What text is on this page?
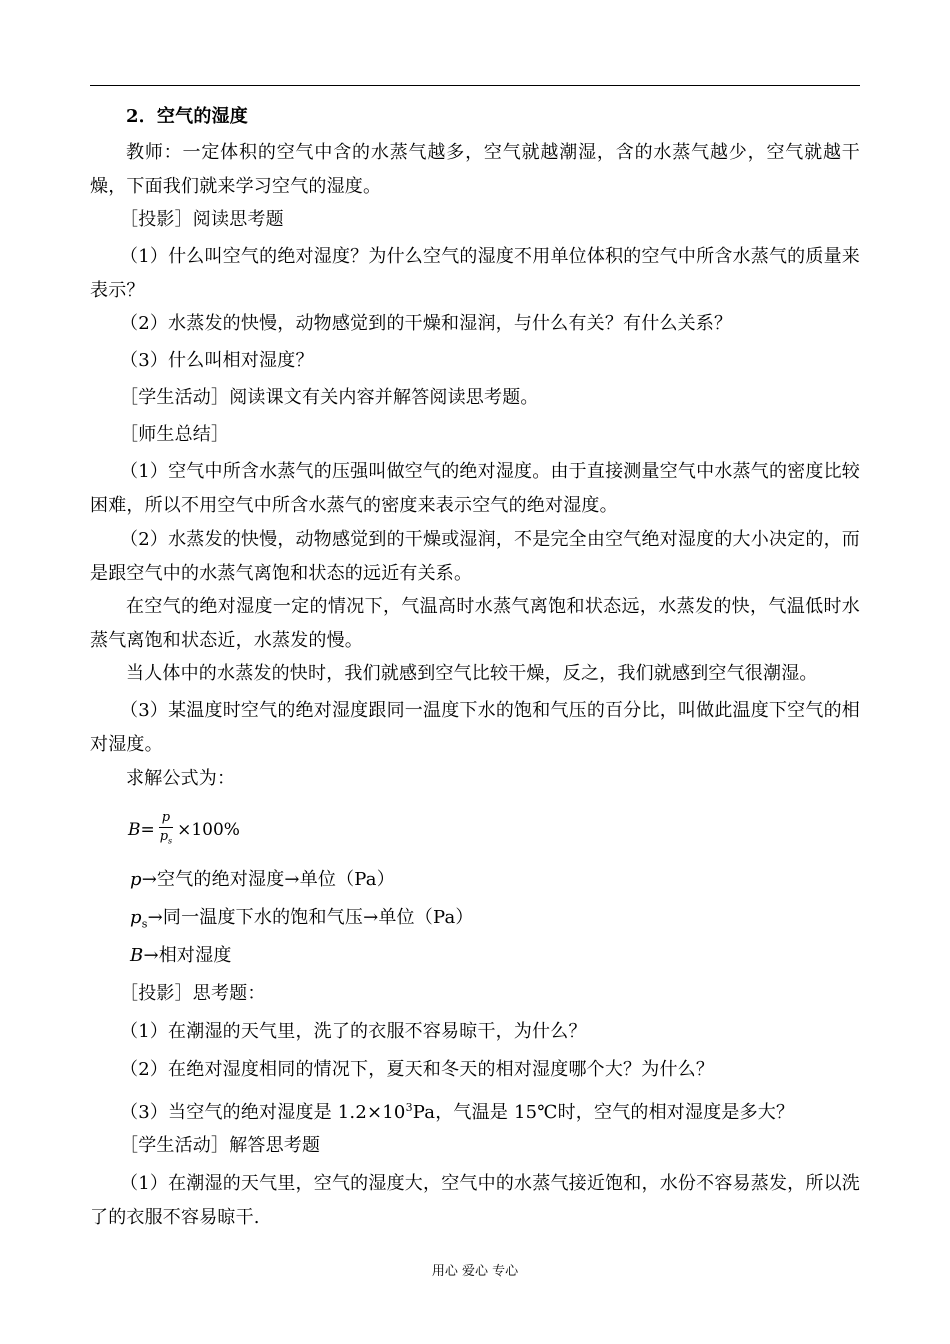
2．空气的湿度

教师：一定体积的空气中含的水蒸气越多，空气就越潮湿，含的水蒸气越少，空气就越干燥，下面我们就来学习空气的湿度。

［投影］阅读思考题

（1）什么叫空气的绝对湿度？为什么空气的湿度不用单位体积的空气中所含水蒸气的质量来表示？

（2）水蒸发的快慢，动物感觉到的干燥和湿润，与什么有关？有什么关系？

（3）什么叫相对湿度？

［学生活动］阅读课文有关内容并解答阅读思考题。

［师生总结］

（1）空气中所含水蒸气的压强叫做空气的绝对湿度。由于直接测量空气中水蒸气的密度比较困难，所以不用空气中所含水蒸气的密度来表示空气的绝对湿度。

（2）水蒸发的快慢，动物感觉到的干燥或湿润，不是完全由空气绝对湿度的大小决定的，而是跟空气中的水蒸气离饱和状态的远近有关系。

在空气的绝对湿度一定的情况下，气温高时水蒸气离饱和状态远，水蒸发的快，气温低时水蒸气离饱和状态近，水蒸发的慢。

当人体中的水蒸发的快时，我们就感到空气比较干燥，反之，我们就感到空气很潮湿。

（3）某温度时空气的绝对湿度跟同一温度下水的饱和气压的百分比，叫做此温度下空气的相对湿度。

求解公式为：

$B= \frac{p}{p_s} \times 100\%$

p→空气的绝对湿度→单位（Pa）

$p_s\to$同一温度下水的饱和气压→单位（Pa）

B→相对湿度

［投影］思考题：

（1）在潮湿的天气里，洗了的衣服不容易晾干，为什么？

（2）在绝对湿度相同的情况下，夏天和冬天的相对湿度哪个大？为什么？

（3）当空气的绝对湿度是 $1.2\times 10^3Pa$，气温是 15℃时，空气的相对湿度是多大？

［学生活动］解答思考题

（1）在潮湿的天气里，空气的湿度大，空气中的水蒸气接近饱和，水份不容易蒸发，所以洗了的衣服不容易晾干.

用心 爱心 专心
